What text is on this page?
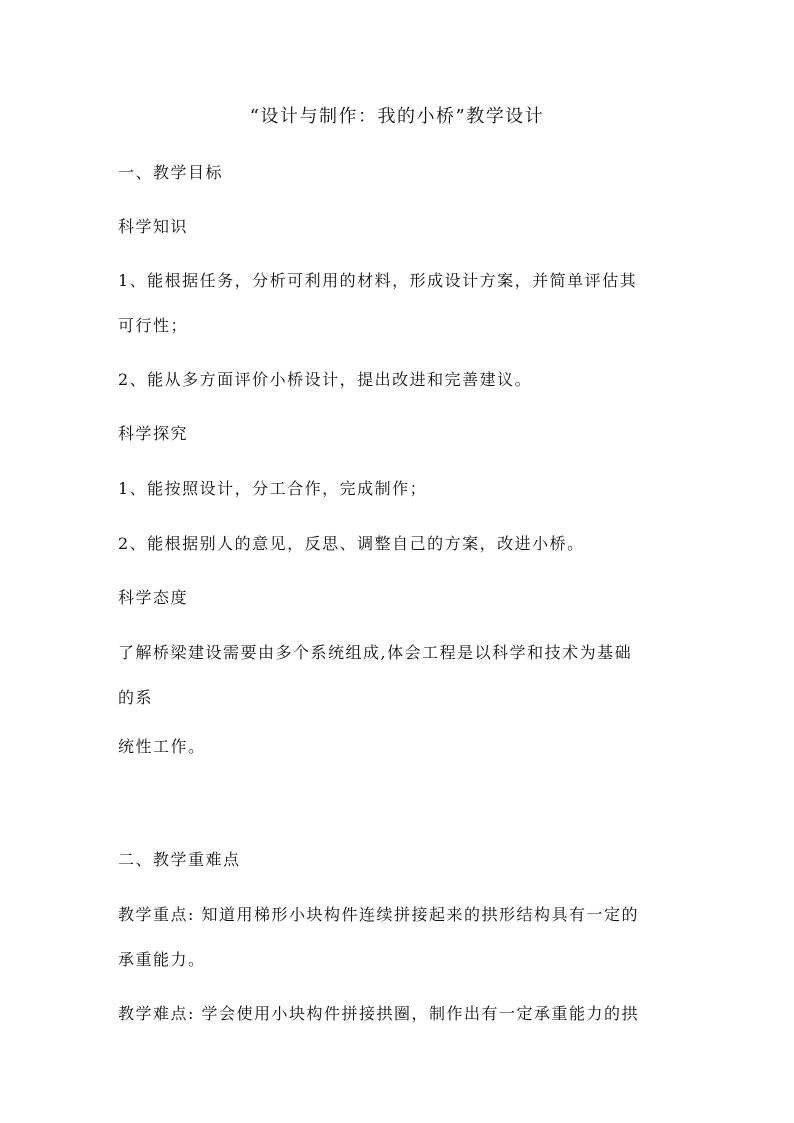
“设计与制作：我的小桥”教学设计
一、教学目标
科学知识
1、能根据任务，分析可利用的材料，形成设计方案，并简单评估其
可行性；
2、能从多方面评价小桥设计，提出改进和完善建议。
科学探究
1、能按照设计，分工合作，完成制作；
2、能根据别人的意见，反思、调整自己的方案，改进小桥。
科学态度
了解桥梁建设需要由多个系统组成,体会工程是以科学和技术为基础
的系
统性工作。
二、教学重难点
教学重点: 知道用梯形小块构件连续拼接起来的拱形结构具有一定的
承重能力。
教学难点: 学会使用小块构件拼接拱圈，制作出有一定承重能力的拱
